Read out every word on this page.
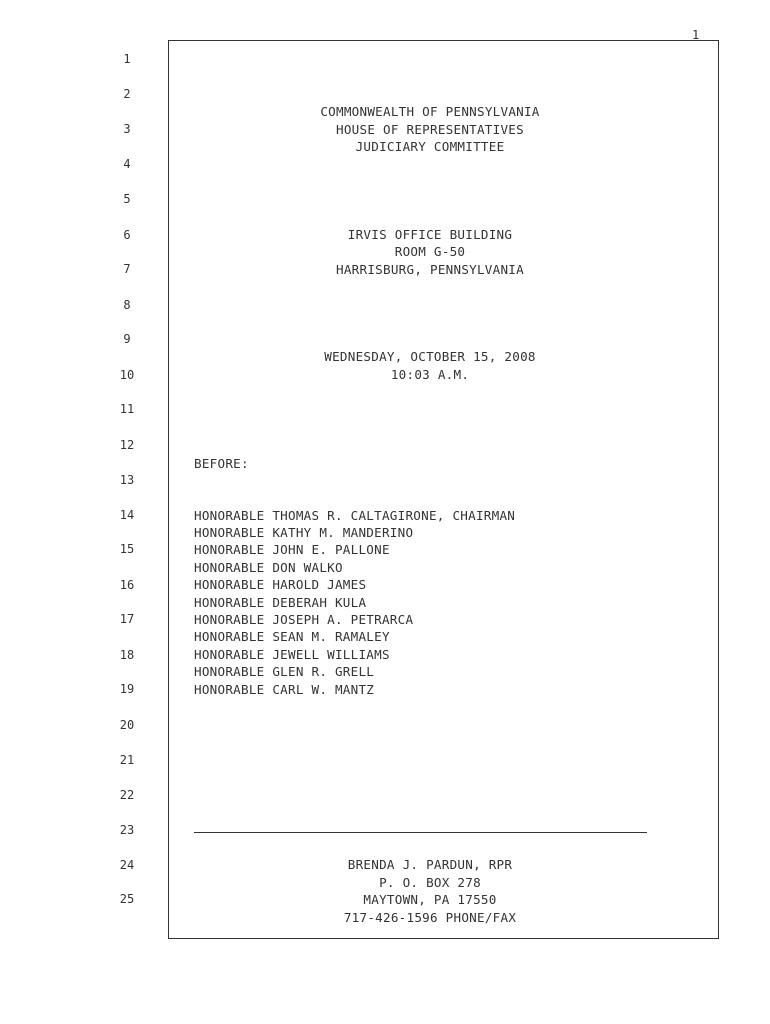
1
1
2
3
4
5
6
7
8
9
10
11
12
13
14
15
16
17
18
19
20
21
22
23
24
25
COMMONWEALTH OF PENNSYLVANIA
HOUSE OF REPRESENTATIVES
JUDICIARY COMMITTEE
IRVIS OFFICE BUILDING
ROOM G-50
HARRISBURG, PENNSYLVANIA
WEDNESDAY, OCTOBER 15, 2008
10:03 A.M.
BEFORE:
HONORABLE THOMAS R. CALTAGIRONE, CHAIRMAN
HONORABLE KATHY M. MANDERINO
HONORABLE JOHN E. PALLONE
HONORABLE DON WALKO
HONORABLE HAROLD JAMES
HONORABLE DEBERAH KULA
HONORABLE JOSEPH A. PETRARCA
HONORABLE SEAN M. RAMALEY
HONORABLE JEWELL WILLIAMS
HONORABLE GLEN R. GRELL
HONORABLE CARL W. MANTZ
BRENDA J. PARDUN, RPR
P. O. BOX 278
MAYTOWN, PA 17550
717-426-1596 PHONE/FAX
